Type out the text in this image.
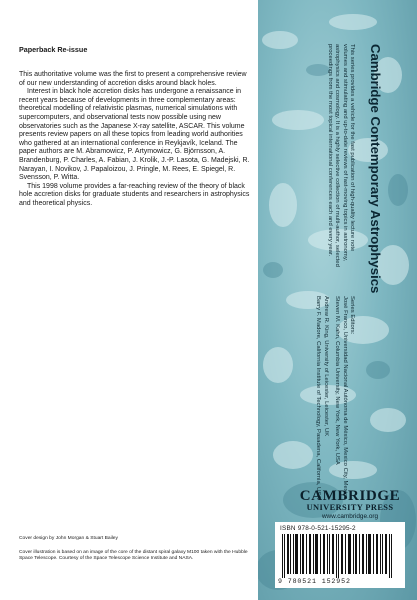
Paperback Re-issue

This authoritative volume was the first to present a comprehensive review of our new understanding of accretion disks around black holes.

Interest in black hole accretion disks has undergone a renaissance in recent years because of developments in three complementary areas: theoretical modelling of relativistic plasmas, numerical simulations with supercomputers, and observational tests now possible using new observatories such as the Japanese X-ray satellite, ASCAR. This volume presents review papers on all these topics from leading world authorities who gathered at an international conference in Reykjavík, Iceland. The paper authors are M. Abramowicz, P. Artymowicz, G. Björnsson, A. Brandenburg, P. Charles, A. Fabian, J. Krolik, J.-P. Lasota, G. Madejski, R. Narayan, I. Novikov, J. Papaloizou, J. Pringle, M. Rees, E. Spiegel, R. Svensson, P. Witta.

This 1998 volume provides a far-reaching review of the theory of black hole accretion disks for graduate students and researchers in astrophysics and theoretical physics.

Cover design by John Morgan & Stuart Bailey
Cover illustration is based on an image of the core of the distant spiral galaxy M100 taken with the Hubble Space Telescope. Courtesy of the Space Telescope Science Institute and NASA.
Cambridge Contemporary Astrophysics

This series provides a vehicle for the fast publication of high-quality lecture note volumes and stimulating and up-to-date reviews of fast-moving topics in astronomy, astrophysics and cosmology. It is a highly selective collection of multi-author, selected proceedings from the most topical international conferences each and every year.

Series Editors:

José Franco, Universidad Nacional Autónoma de México, Mexico City, Mexico

Steven M. Kahn, Columbia University, New York, New York, USA

Andrew R. King, University of Leicester, Leicester, UK

Barry F. Madore, California Institute of Technology, Pasadena, California, USA

CAMBRIDGE
UNIVERSITY PRESS
www.cambridge.org
ISBN 978-0-521-15295-2
9 780521 152952
